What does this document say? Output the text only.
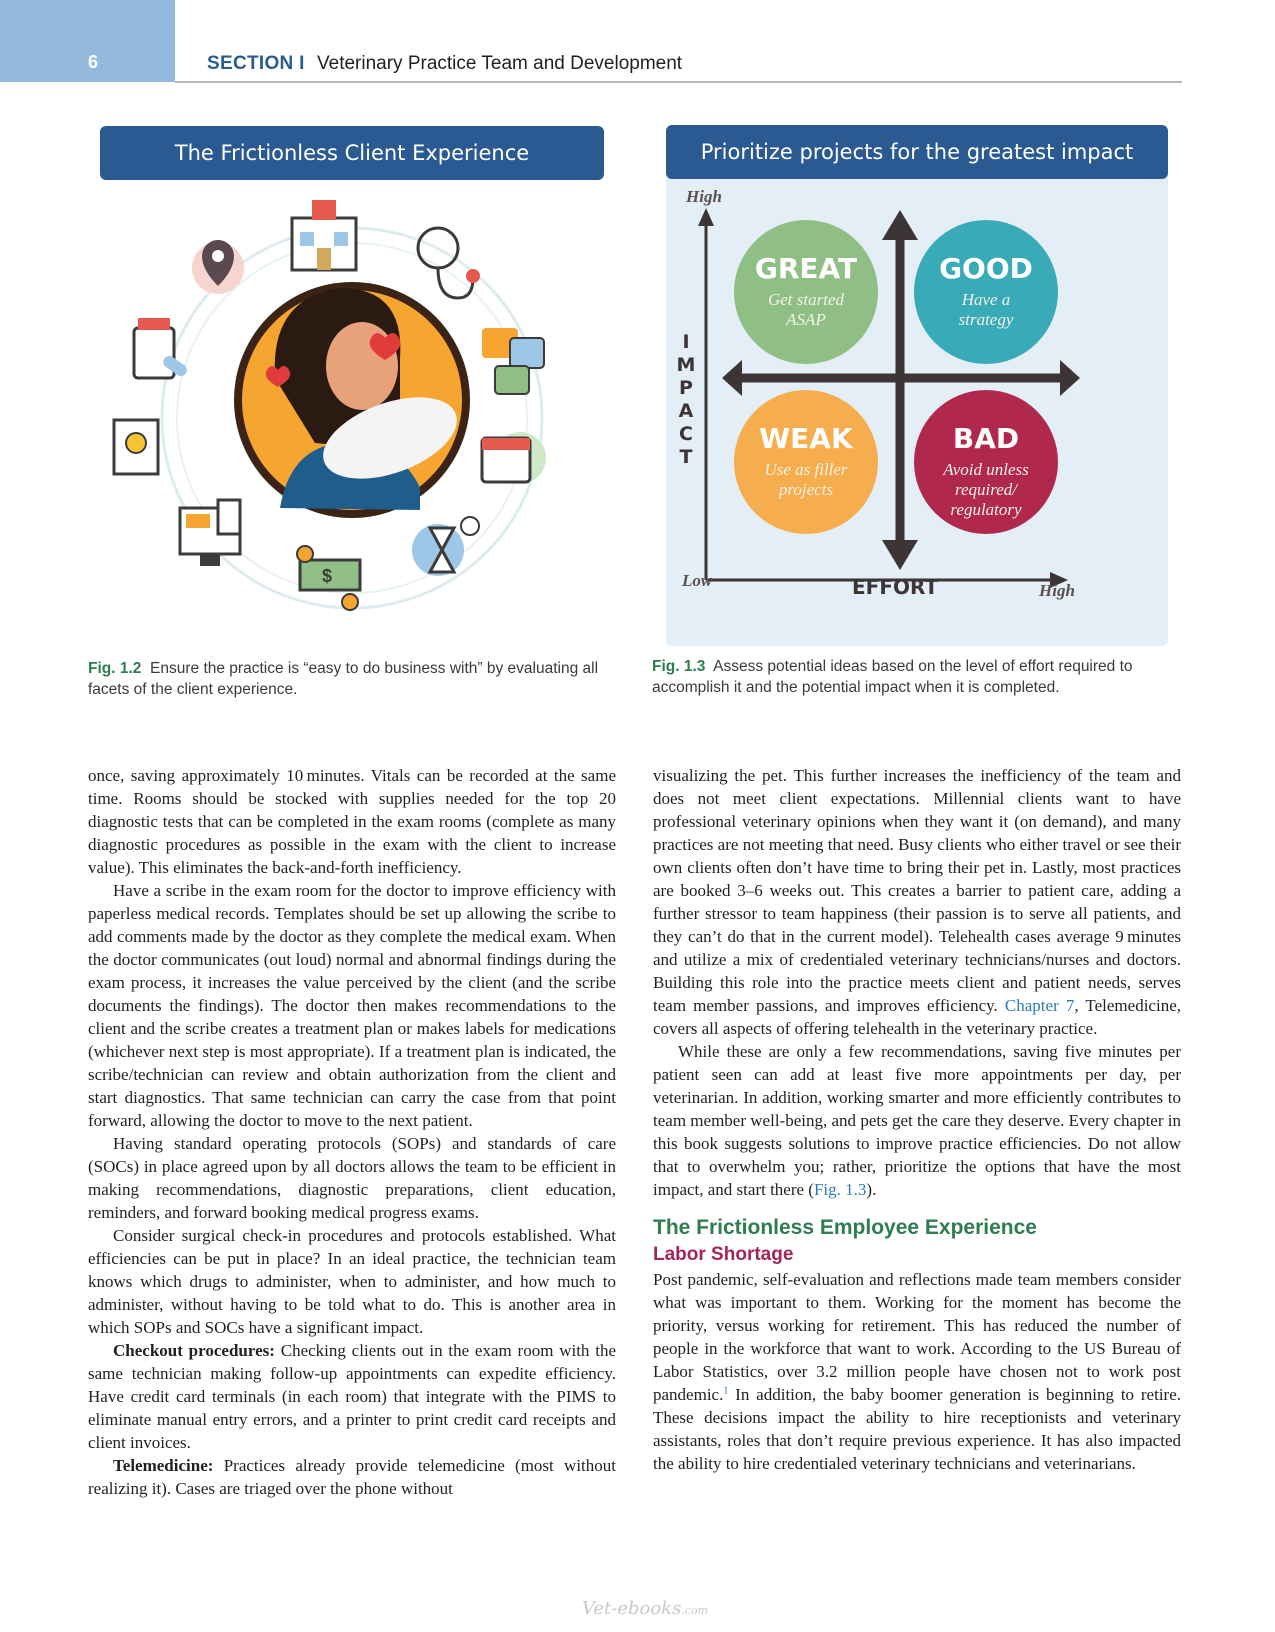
6	SECTION I Veterinary Practice Team and Development
The Frictionless Client Experience
$
Fig. 1.2 Ensure the practice is “easy to do business with” by evaluating all facets of the client experience.
Prioritize projects for the greatest impact
High
Low
High
EFFORT
I M P A C T
GREAT
Get started ASAP
GOOD
Have a strategy
WEAK
Use as filler projects
BAD
Avoid unless required/ regulatory
Fig. 1.3 Assess potential ideas based on the level of effort required to accomplish it and the potential impact when it is completed.

once, saving approximately 10 minutes. Vitals can be recorded at the same time. Rooms should be stocked with supplies needed for the top 20 diagnostic tests that can be completed in the exam rooms (complete as many diagnostic procedures as possible in the exam with the client to increase value). This eliminates the back-and-forth inefficiency.

Have a scribe in the exam room for the doctor to improve efficiency with paperless medical records. Templates should be set up allowing the scribe to add comments made by the doctor as they complete the medical exam. When the doctor communicates (out loud) normal and abnormal findings during the exam process, it increases the value perceived by the client (and the scribe documents the findings). The doctor then makes recommendations to the client and the scribe creates a treatment plan or makes labels for medications (whichever next step is most appropriate). If a treatment plan is indicated, the scribe/technician can review and obtain authorization from the client and start diagnostics. That same technician can carry the case from that point forward, allowing the doctor to move to the next patient.

Having standard operating protocols (SOPs) and standards of care (SOCs) in place agreed upon by all doctors allows the team to be efficient in making recommendations, diagnostic preparations, client education, reminders, and forward booking medical progress exams.

Consider surgical check-in procedures and protocols established. What efficiencies can be put in place? In an ideal practice, the technician team knows which drugs to administer, when to administer, and how much to administer, without having to be told what to do. This is another area in which SOPs and SOCs have a significant impact.

Checkout procedures: Checking clients out in the exam room with the same technician making follow-up appointments can expedite efficiency. Have credit card terminals (in each room) that integrate with the PIMS to eliminate manual entry errors, and a printer to print credit card receipts and client invoices.

Telemedicine: Practices already provide telemedicine (most without realizing it). Cases are triaged over the phone without

visualizing the pet. This further increases the inefficiency of the team and does not meet client expectations. Millennial clients want to have professional veterinary opinions when they want it (on demand), and many practices are not meeting that need. Busy clients who either travel or see their own clients often don’t have time to bring their pet in. Lastly, most practices are booked 3–6 weeks out. This creates a barrier to patient care, adding a further stressor to team happiness (their passion is to serve all patients, and they can’t do that in the current model). Telehealth cases average 9 minutes and utilize a mix of credentialed veterinary technicians/nurses and doctors. Building this role into the practice meets client and patient needs, serves team member passions, and improves efficiency. Chapter 7, Telemedicine, covers all aspects of offering telehealth in the veterinary practice.

While these are only a few recommendations, saving five minutes per patient seen can add at least five more appointments per day, per veterinarian. In addition, working smarter and more efficiently contributes to team member well-being, and pets get the care they deserve. Every chapter in this book suggests solutions to improve practice efficiencies. Do not allow that to overwhelm you; rather, prioritize the options that have the most impact, and start there (Fig. 1.3).

The Frictionless Employee Experience

Labor Shortage

Post pandemic, self-evaluation and reflections made team members consider what was important to them. Working for the moment has become the priority, versus working for retirement. This has reduced the number of people in the workforce that want to work. According to the US Bureau of Labor Statistics, over 3.2 million people have chosen not to work post pandemic.$^1$ In addition, the baby boomer generation is beginning to retire. These decisions impact the ability to hire receptionists and veterinary assistants, roles that don’t require previous experience. It has also impacted the ability to hire credentialed veterinary technicians and veterinarians.

Vet-ebooks.com
